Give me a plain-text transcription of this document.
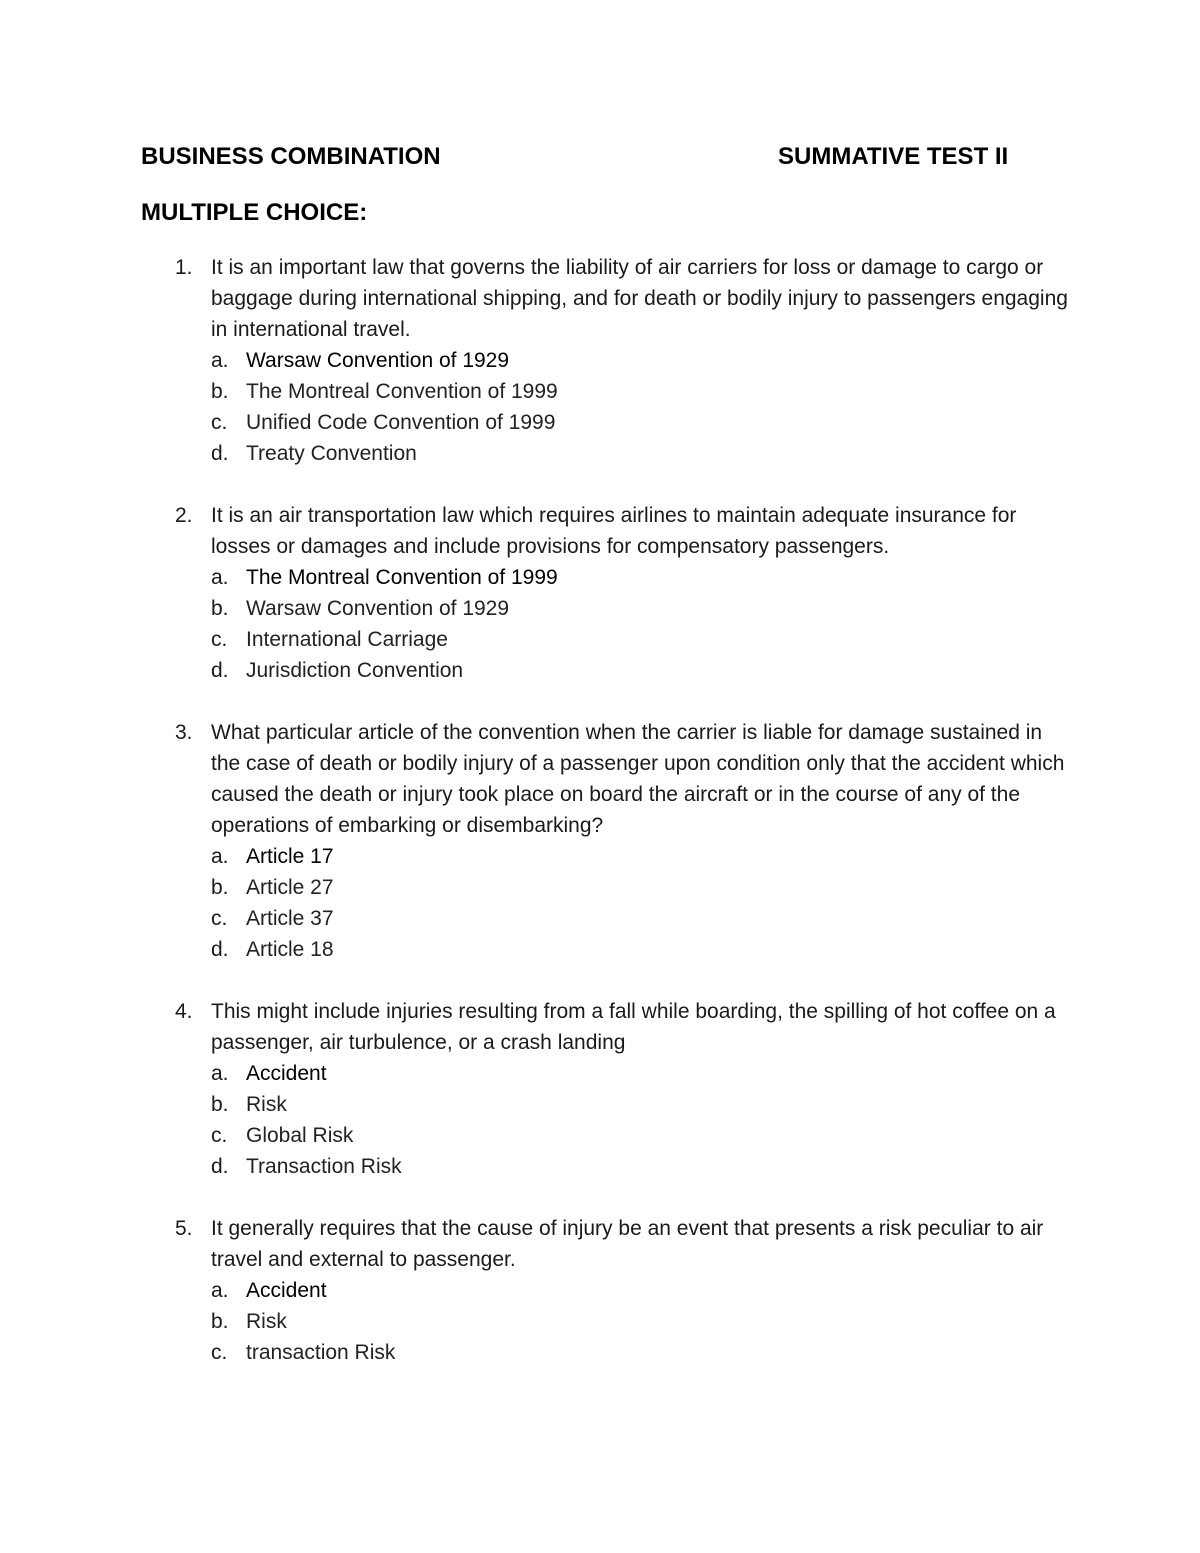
BUSINESS COMBINATION	SUMMATIVE TEST II
MULTIPLE CHOICE:
1. It is an important law that governs the liability of air carriers for loss or damage to cargo or baggage during international shipping, and for death or bodily injury to passengers engaging in international travel.
a. Warsaw Convention of 1929
b. The Montreal Convention of 1999
c. Unified Code Convention of 1999
d. Treaty Convention
2. It is an air transportation law which requires airlines to maintain adequate insurance for losses or damages and include provisions for compensatory passengers.
a. The Montreal Convention of 1999
b. Warsaw Convention of 1929
c. International Carriage
d. Jurisdiction Convention
3. What particular article of the convention when the carrier is liable for damage sustained in the case of death or bodily injury of a passenger upon condition only that the accident which caused the death or injury took place on board the aircraft or in the course of any of the operations of embarking or disembarking?
a. Article 17
b. Article 27
c. Article 37
d. Article 18
4. This might include injuries resulting from a fall while boarding, the spilling of hot coffee on a passenger, air turbulence, or a crash landing
a. Accident
b. Risk
c. Global Risk
d. Transaction Risk
5. It generally requires that the cause of injury be an event that presents a risk peculiar to air travel and external to passenger.
a. Accident
b. Risk
c. transaction Risk
